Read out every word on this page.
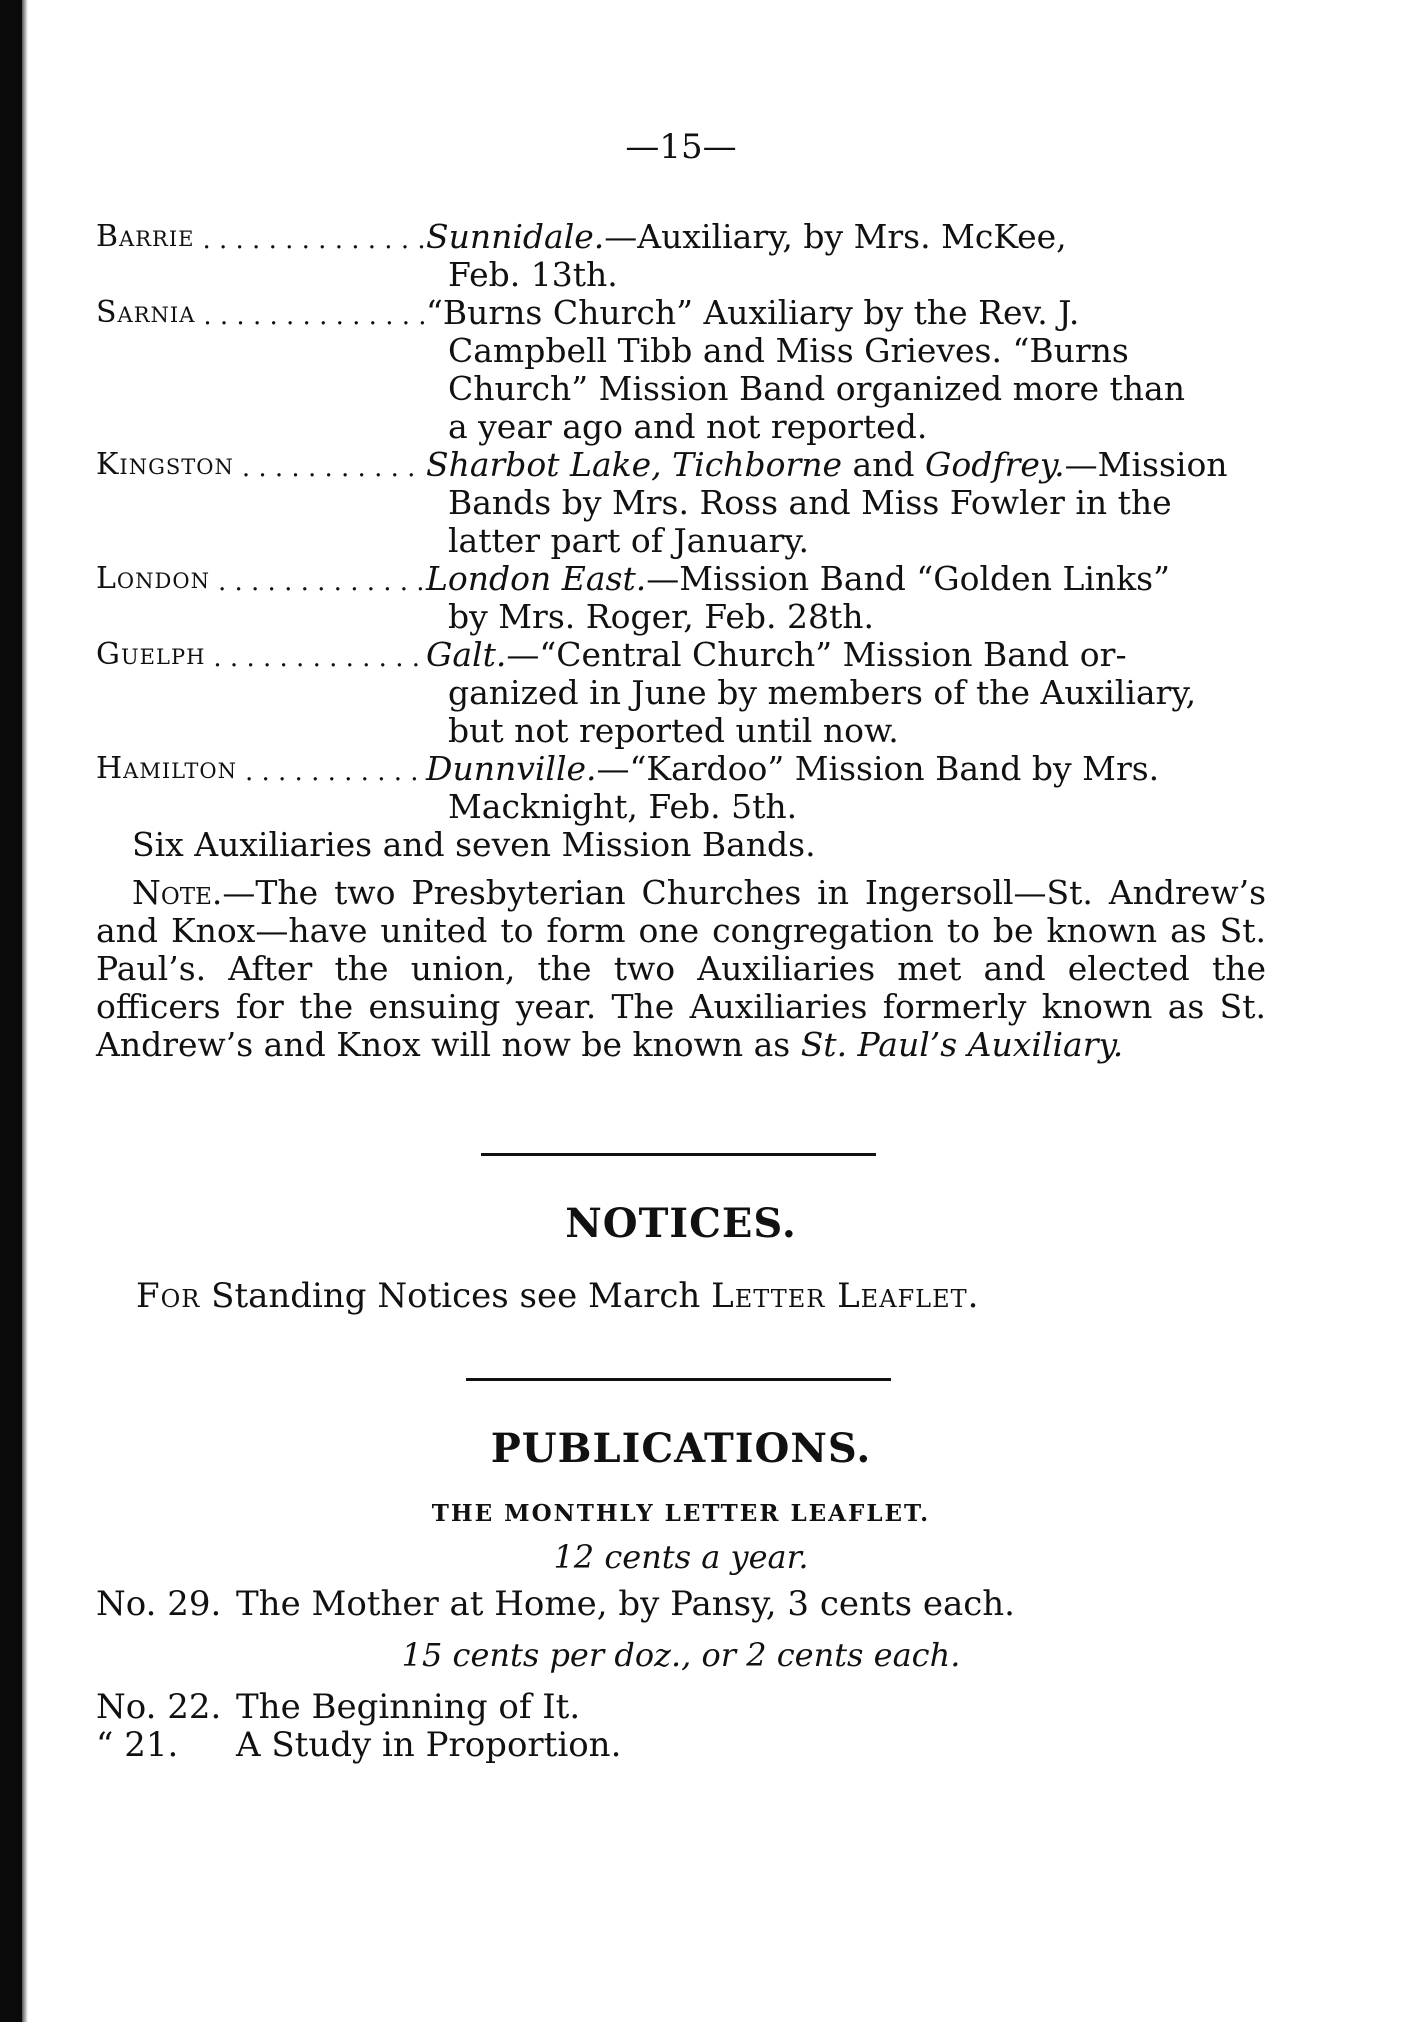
—15—
Barrie . . .	Sunnidale.—Auxiliary, by Mrs. McKee,
Feb. 13th.
Sarnia . . .	“Burns Church” Auxiliary by the Rev. J.
Campbell Tibb and Miss Grieves. “Burns
Church” Mission Band organized more than
a year ago and not reported.
Kingston . . .	Sharbot Lake, Tichborne and Godfrey.—Mission
Bands by Mrs. Ross and Miss Fowler in the
latter part of January.
London . . .	London East.—Mission Band “Golden Links”
by Mrs. Roger, Feb. 28th.
Guelph . . .	Galt.—“Central Church” Mission Band or-
ganized in June by members of the Auxiliary,
but not reported until now.
Hamilton . . .	Dunnville.—“Kardoo” Mission Band by Mrs.
Macknight, Feb. 5th.
Six Auxiliaries and seven Mission Bands.
Note.—The two Presbyterian Churches in Ingersoll—St. Andrew’s and Knox—have united to form one congregation to be known as St. Paul’s. After the union, the two Auxiliaries met and elected the officers for the ensuing year. The Auxiliaries formerly known as St. Andrew’s and Knox will now be known as St. Paul’s Auxiliary.
NOTICES.
For Standing Notices see March Letter Leaflet.
PUBLICATIONS.
THE MONTHLY LETTER LEAFLET.
12 cents a year.
No. 29. The Mother at Home, by Pansy, 3 cents each.
15 cents per doz., or 2 cents each.
No. 22. The Beginning of It.
“ 21. A Study in Proportion.
